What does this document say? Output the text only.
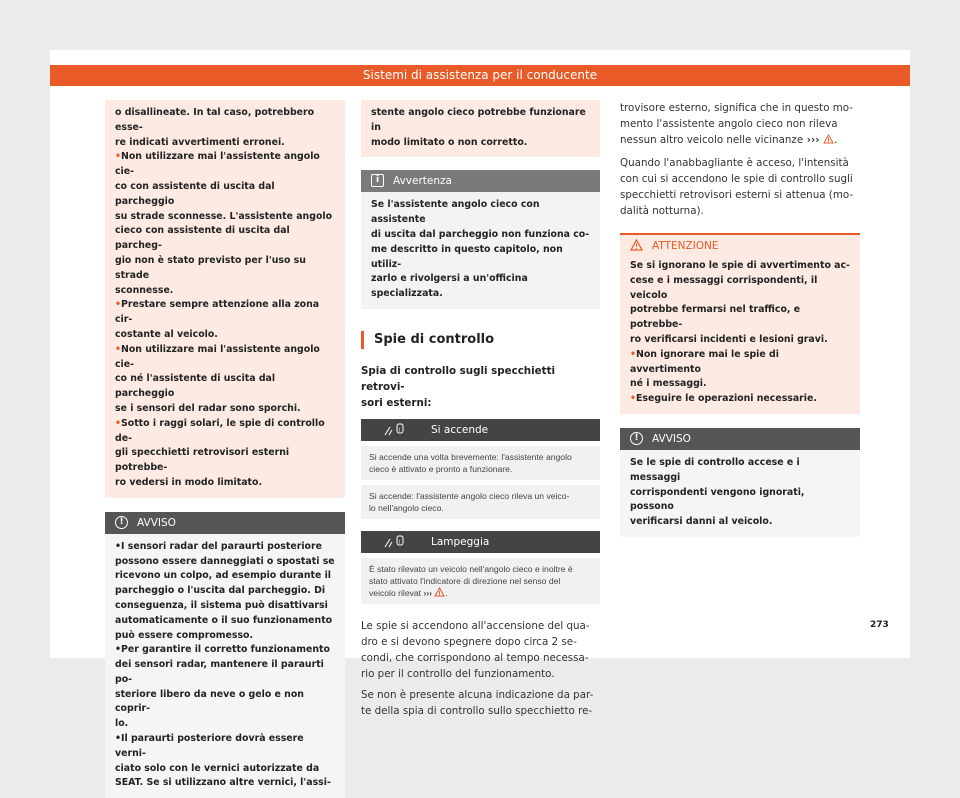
Sistemi di assistenza per il conducente
o disallineate. In tal caso, potrebbero esse-
re indicati avvertimenti erronei.
• Non utilizzare mai l'assistente angolo cie-
co con assistente di uscita dal parcheggio
su strade sconnesse. L'assistente angolo
cieco con assistente di uscita dal parcheg-
gio non è stato previsto per l'uso su strade
sconnesse.
• Prestare sempre attenzione alla zona cir-
costante al veicolo.
• Non utilizzare mai l'assistente angolo cie-
co né l'assistente di uscita dal parcheggio
se i sensori del radar sono sporchi.
• Sotto i raggi solari, le spie di controllo de-
gli specchietti retrovisori esterni potrebbe-
ro vedersi in modo limitato.
!	AVVISO
• I sensori radar del paraurti posteriore
possono essere danneggiati o spostati se
ricevono un colpo, ad esempio durante il
parcheggio o l'uscita dal parcheggio. Di
conseguenza, il sistema può disattivarsi
automaticamente o il suo funzionamento
può essere compromesso.
• Per garantire il corretto funzionamento
dei sensori radar, mantenere il paraurti po-
steriore libero da neve o gelo e non coprir-
lo.
• Il paraurti posteriore dovrà essere verni-
ciato solo con le vernici autorizzate da
SEAT. Se si utilizzano altre vernici, l'assi-
stente angolo cieco potrebbe funzionare in
modo limitato o non corretto.
i	Avvertenza
Se l'assistente angolo cieco con assistente
di uscita dal parcheggio non funziona co-
me descritto in questo capitolo, non utiliz-
zarlo e rivolgersi a un'officina specializzata.
Spie di controllo
Spia di controllo sugli specchietti retrovi-
sori esterni:
!	Si accende
Si accende una volta brevemente: l'assistente angolo
cieco è attivato e pronto a funzionare.
Si accende: l'assistente angolo cieco rileva un veico-
lo nell'angolo cieco.
!	Lampeggia
È stato rilevato un veicolo nell'angolo cieco e inoltre è
stato attivato l'indicatore di direzione nel senso del
veicolo rilevat ››› .
Le spie si accendono all'accensione del qua-
dro e si devono spegnere dopo circa 2 se-
condi, che corrispondono al tempo necessa-
rio per il controllo del funzionamento.
Se non è presente alcuna indicazione da par-
te della spia di controllo sullo specchietto re-
trovisore esterno, significa che in questo mo-
mento l'assistente angolo cieco non rileva
nessun altro veicolo nelle vicinanze ››› .
Quando l'anabbagliante è acceso, l'intensità
con cui si accendono le spie di controllo sugli
specchietti retrovisori esterni si attenua (mo-
dalità notturna).
ATTENZIONE
Se si ignorano le spie di avvertimento ac-
cese e i messaggi corrispondenti, il veicolo
potrebbe fermarsi nel traffico, e potrebbe-
ro verificarsi incidenti e lesioni gravi.
• Non ignorare mai le spie di avvertimento
né i messaggi.
• Eseguire le operazioni necessarie.
!	AVVISO
Se le spie di controllo accese e i messaggi
corrispondenti vengono ignorati, possono
verificarsi danni al veicolo.
273
